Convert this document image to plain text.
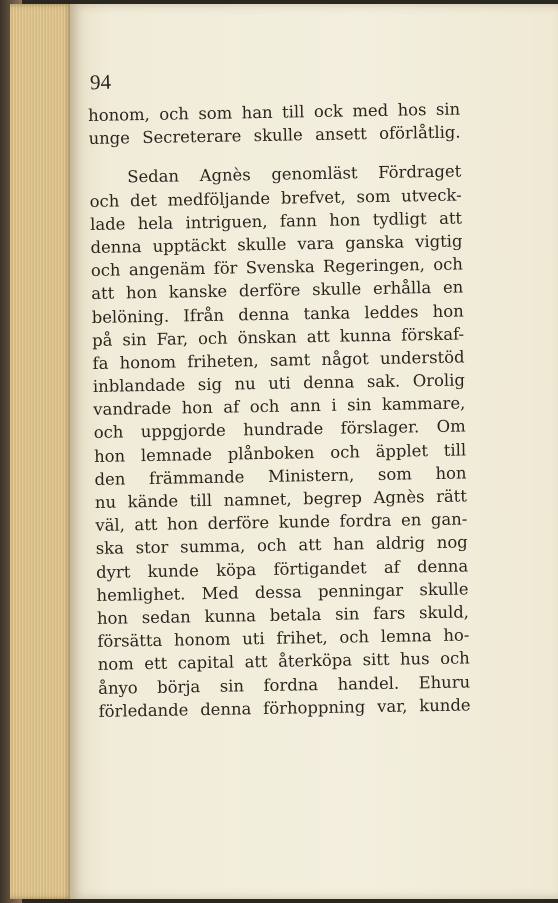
94
honom, och som han till ock med hos sin
unge Secreterare skulle ansett oförlåtlig.
Sedan Agnès genomläst Fördraget
och det medföljande brefvet, som utveck-
lade hela intriguen, fann hon tydligt att
denna upptäckt skulle vara ganska vigtig
och angenäm för Svenska Regeringen, och
att hon kanske derföre skulle erhålla en
belöning. Ifrån denna tanka leddes hon
på sin Far, och önskan att kunna förskaf-
fa honom friheten, samt något understöd
inblandade sig nu uti denna sak. Orolig
vandrade hon af och ann i sin kammare,
och uppgjorde hundrade förslager. Om
hon lemnade plånboken och äpplet till
den främmande Ministern, som hon
nu kände till namnet, begrep Agnès rätt
väl, att hon derföre kunde fordra en gan-
ska stor summa, och att han aldrig nog
dyrt kunde köpa förtigandet af denna
hemlighet. Med dessa penningar skulle
hon sedan kunna betala sin fars skuld,
försätta honom uti frihet, och lemna ho-
nom ett capital att återköpa sitt hus och
ånyo börja sin fordna handel. Ehuru
förledande denna förhoppning var, kunde
